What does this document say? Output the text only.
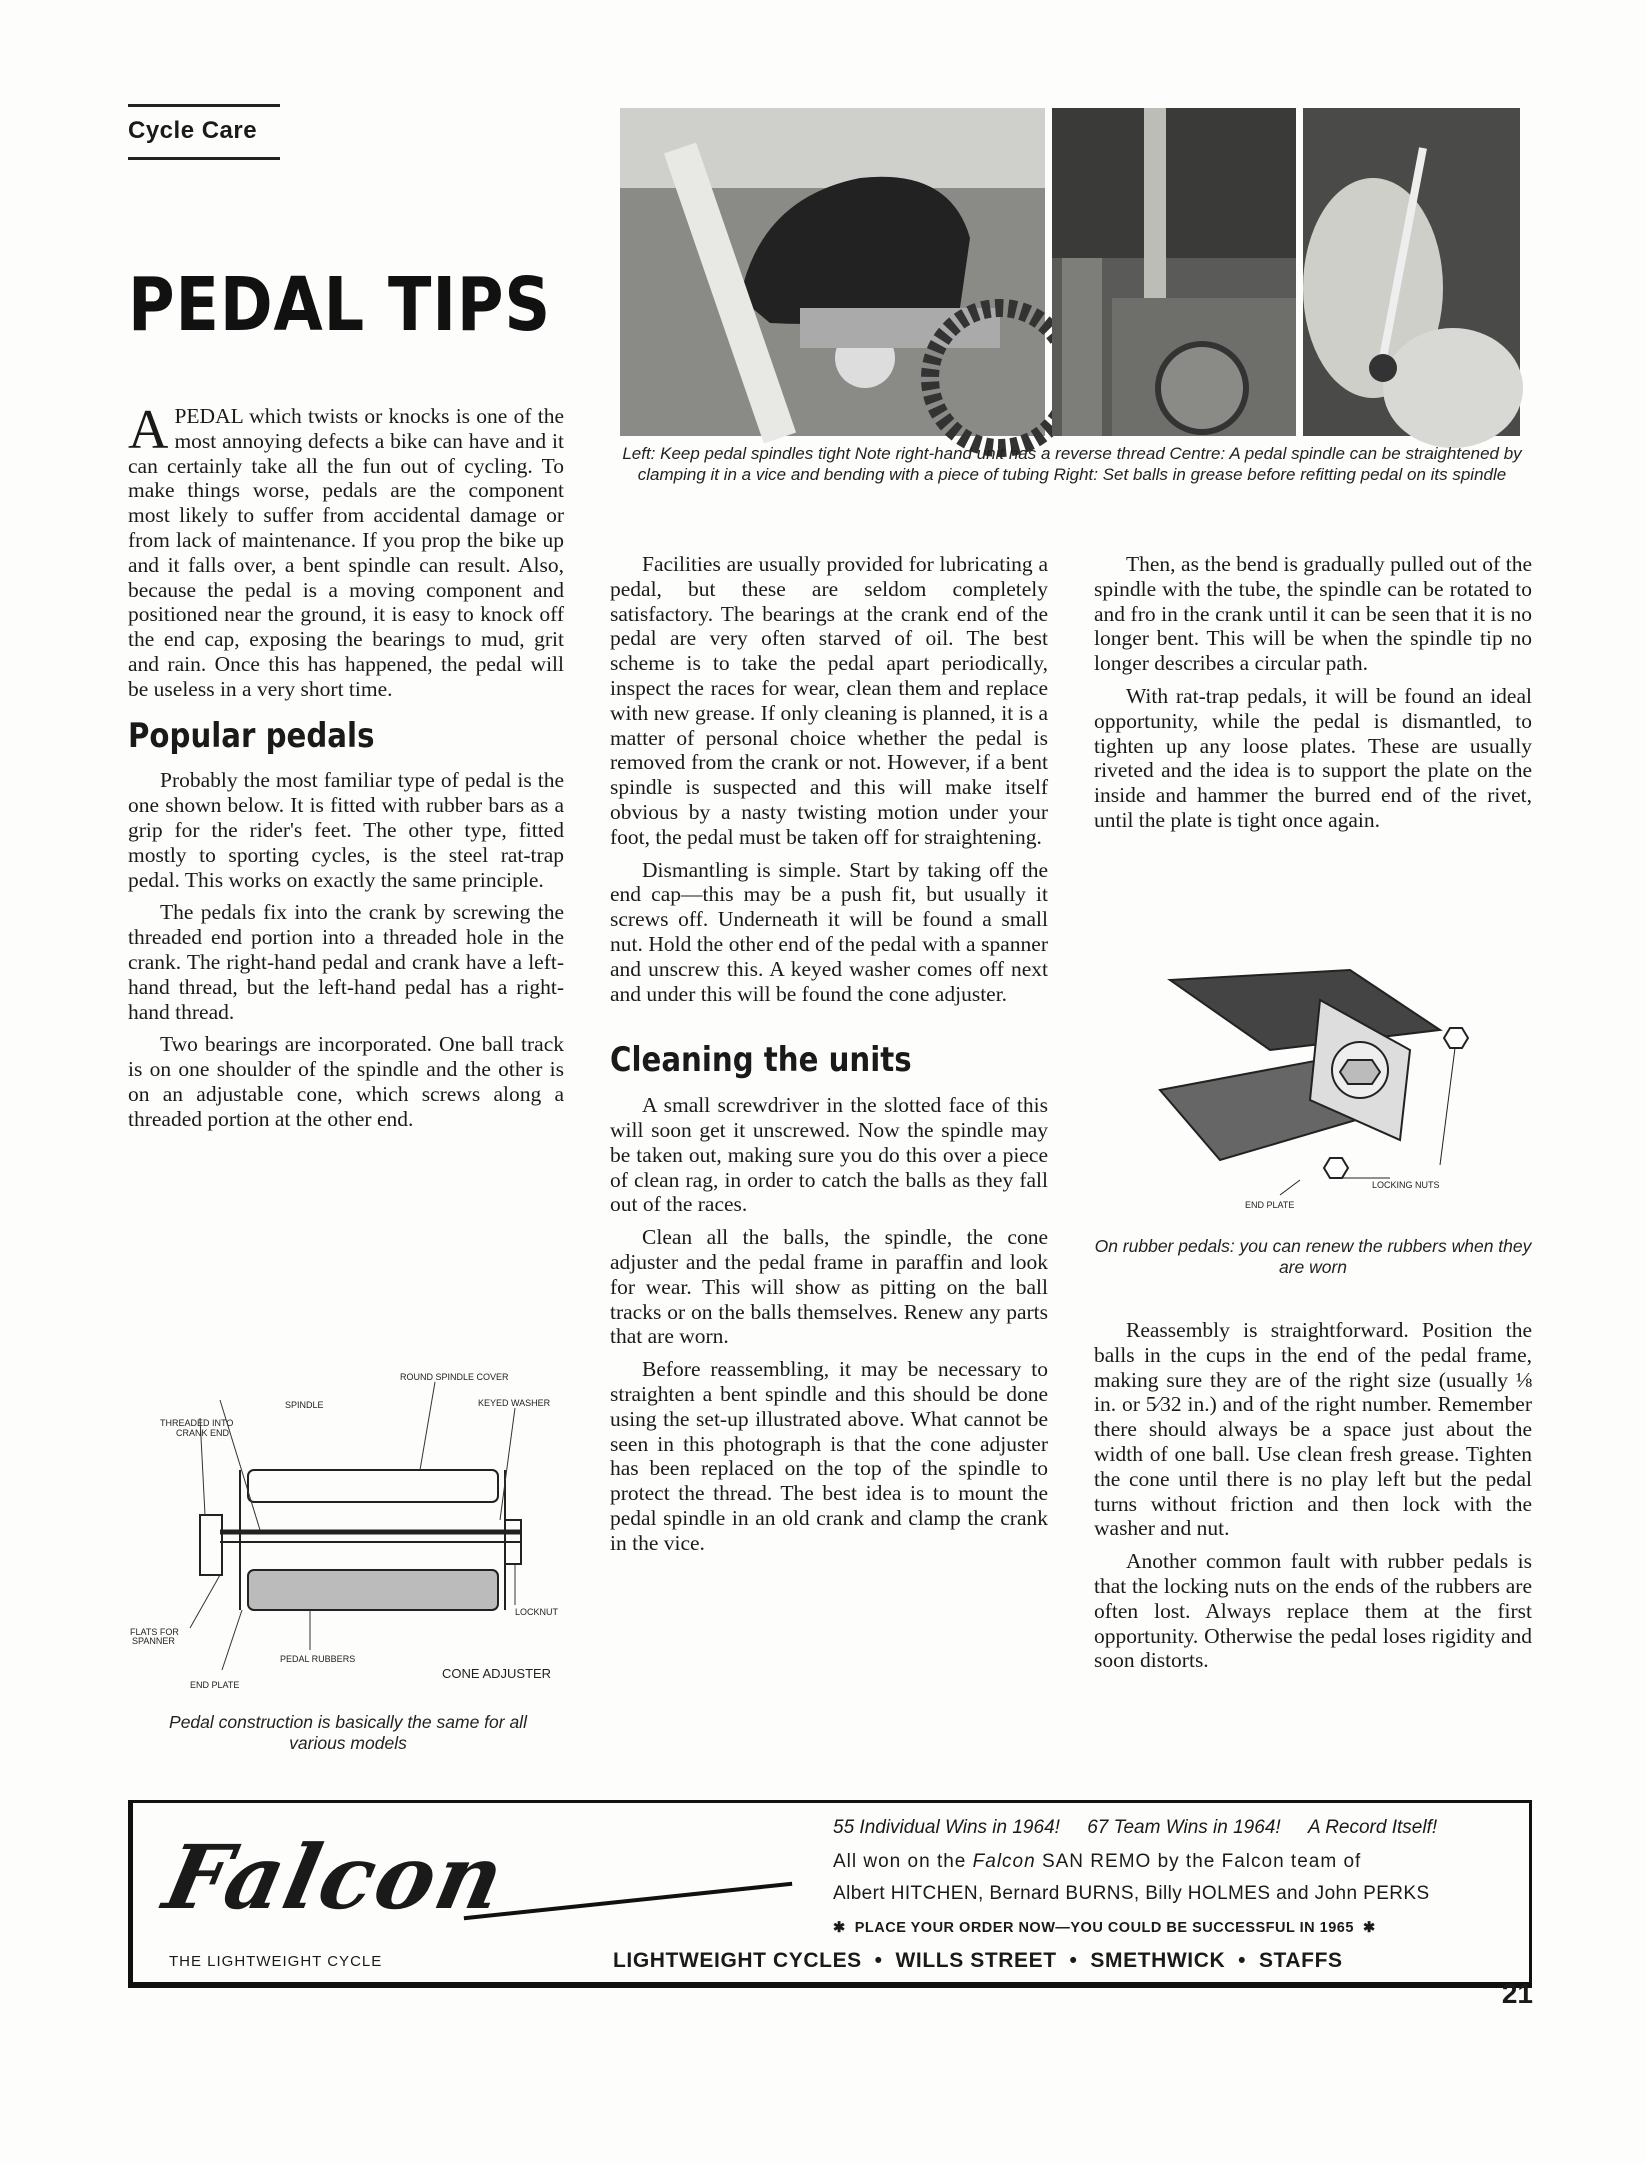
Cycle Care
PEDAL TIPS
Left: Keep pedal spindles tight Note right-hand unit has a reverse thread Centre: A pedal spindle can be straightened by clamping it in a vice and bending with a piece of tubing Right: Set balls in grease before refitting pedal on its spindle

APEDAL which twists or knocks is one of the most annoying defects a bike can have and it can certainly take all the fun out of cycling. To make things worse, pedals are the component most likely to suffer from accidental damage or from lack of maintenance. If you prop the bike up and it falls over, a bent spindle can result. Also, because the pedal is a moving component and positioned near the ground, it is easy to knock off the end cap, exposing the bearings to mud, grit and rain. Once this has happened, the pedal will be useless in a very short time.

Popular pedals

Probably the most familiar type of pedal is the one shown below. It is fitted with rubber bars as a grip for the rider's feet. The other type, fitted mostly to sporting cycles, is the steel rat-trap pedal. This works on exactly the same principle.

The pedals fix into the crank by screwing the threaded end portion into a threaded hole in the crank. The right-hand pedal and crank have a left-hand thread, but the left-hand pedal has a right-hand thread.

Two bearings are incorporated. One ball track is on one shoulder of the spindle and the other is on an adjustable cone, which screws along a threaded portion at the other end.

ROUND SPINDLE COVER
SPINDLE	KEYED WASHER
THREADED INTO
CRANK END
LOCKNUT
FLATS FOR
SPANNER
PEDAL RUBBERS
CONE ADJUSTER
END PLATE
Pedal construction is basically the same for all various models

Facilities are usually provided for lubricating a pedal, but these are seldom completely satisfactory. The bearings at the crank end of the pedal are very often starved of oil. The best scheme is to take the pedal apart periodically, inspect the races for wear, clean them and replace with new grease. If only cleaning is planned, it is a matter of personal choice whether the pedal is removed from the crank or not. However, if a bent spindle is suspected and this will make itself obvious by a nasty twisting motion under your foot, the pedal must be taken off for straightening.

Dismantling is simple. Start by taking off the end cap—this may be a push fit, but usually it screws off. Underneath it will be found a small nut. Hold the other end of the pedal with a spanner and unscrew this. A keyed washer comes off next and under this will be found the cone adjuster.

Cleaning the units

A small screwdriver in the slotted face of this will soon get it unscrewed. Now the spindle may be taken out, making sure you do this over a piece of clean rag, in order to catch the balls as they fall out of the races.

Clean all the balls, the spindle, the cone adjuster and the pedal frame in paraffin and look for wear. This will show as pitting on the ball tracks or on the balls themselves. Renew any parts that are worn.

Before reassembling, it may be necessary to straighten a bent spindle and this should be done using the set-up illustrated above. What cannot be seen in this photograph is that the cone adjuster has been replaced on the top of the spindle to protect the thread. The best idea is to mount the pedal spindle in an old crank and clamp the crank in the vice.

Then, as the bend is gradually pulled out of the spindle with the tube, the spindle can be rotated to and fro in the crank until it can be seen that it is no longer bent. This will be when the spindle tip no longer describes a circular path.

With rat-trap pedals, it will be found an ideal opportunity, while the pedal is dismantled, to tighten up any loose plates. These are usually riveted and the idea is to support the plate on the inside and hammer the burred end of the rivet, until the plate is tight once again.

END PLATE
LOCKING NUTS
On rubber pedals: you can renew the rubbers when they are worn

Reassembly is straightforward. Position the balls in the cups in the end of the pedal frame, making sure they are of the right size (usually ⅛ in. or 5⁄32 in.) and of the right number. Remember there should always be a space just about the width of one ball. Use clean fresh grease. Tighten the cone until there is no play left but the pedal turns without friction and then lock with the washer and nut.

Another common fault with rubber pedals is that the locking nuts on the ends of the rubbers are often lost. Always replace them at the first opportunity. Otherwise the pedal loses rigidity and soon distorts.

Falcon
THE LIGHTWEIGHT CYCLE
55 Individual Wins in 1964! 67 Team Wins in 1964! A Record Itself!
All won on the Falcon SAN REMO by the Falcon team of
Albert HITCHEN, Bernard BURNS, Billy HOLMES and John PERKS
✱  PLACE YOUR ORDER NOW—YOU COULD BE SUCCESSFUL IN 1965  ✱
LIGHTWEIGHT CYCLES  •  WILLS STREET  •  SMETHWICK  •  STAFFS
21
